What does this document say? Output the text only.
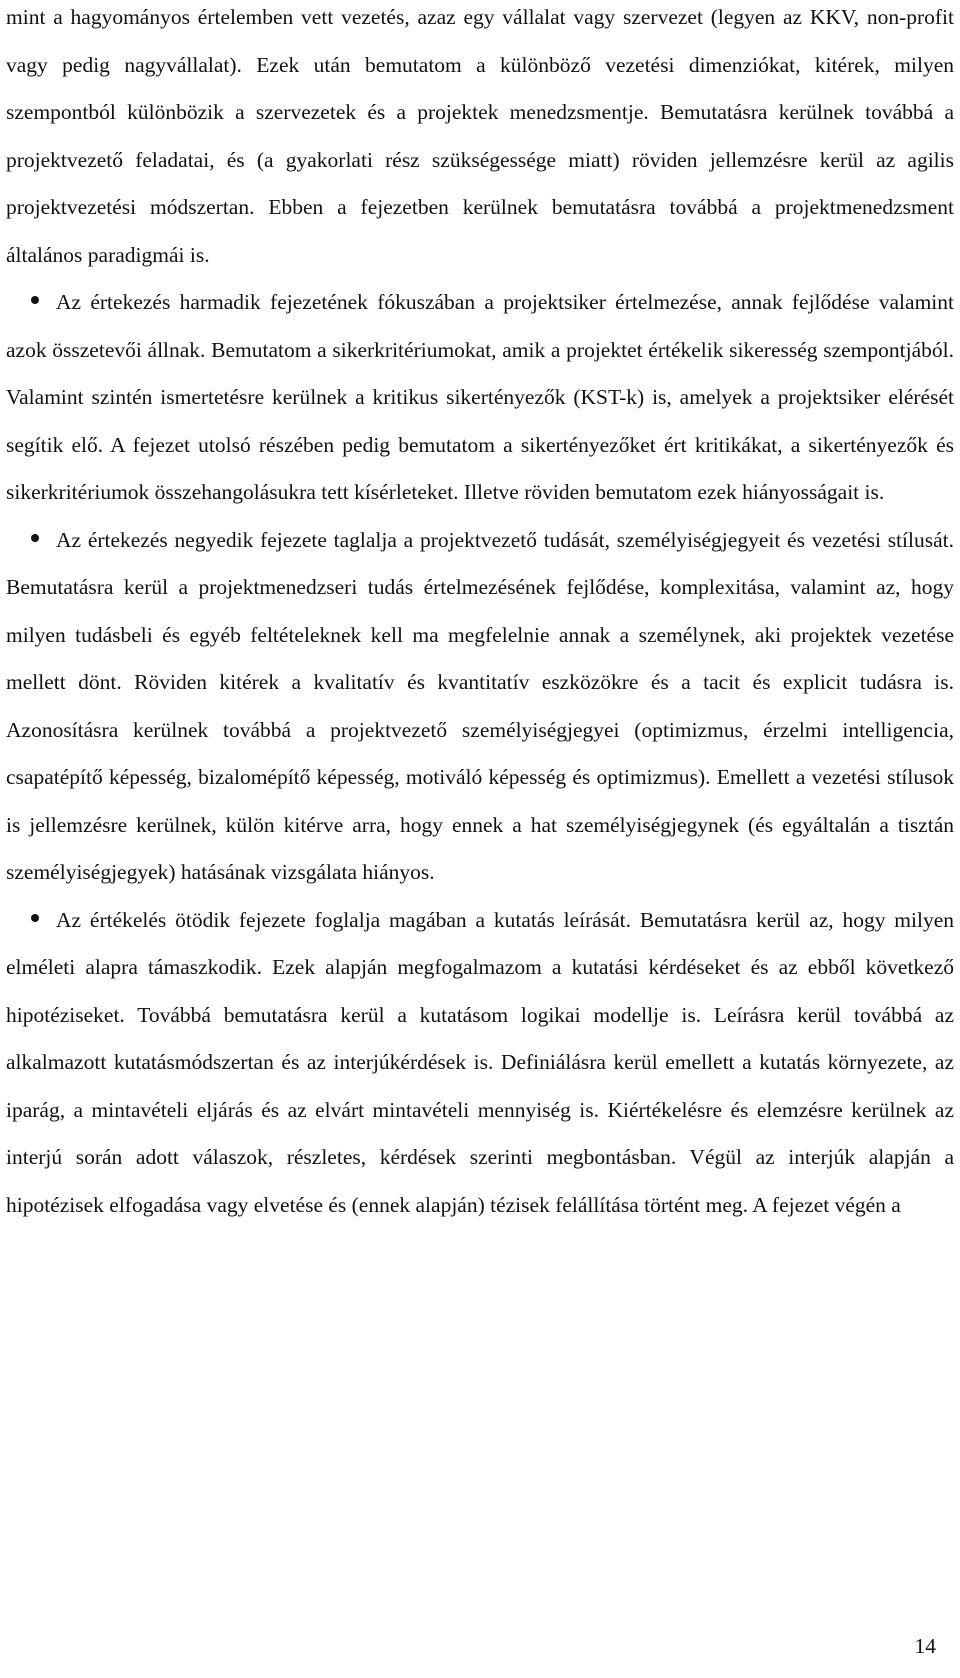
mint a hagyományos értelemben vett vezetés, azaz egy vállalat vagy szervezet (legyen az KKV, non-profit vagy pedig nagyvállalat). Ezek után bemutatom a különböző vezetési dimenziókat, kitérek, milyen szempontból különbözik a szervezetek és a projektek menedzsmentje. Bemutatásra kerülnek továbbá a projektvezető feladatai, és (a gyakorlati rész szükségessége miatt) röviden jellemzésre kerül az agilis projektvezetési módszertan. Ebben a fejezetben kerülnek bemutatásra továbbá a projektmenedzsment általános paradigmái is.

Az értekezés harmadik fejezetének fókuszában a projektsiker értelmezése, annak fejlődése valamint azok összetevői állnak. Bemutatom a sikerkritériumokat, amik a projektet értékelik sikeresség szempontjából. Valamint szintén ismertetésre kerülnek a kritikus sikertényezők (KST-k) is, amelyek a projektsiker elérését segítik elő. A fejezet utolsó részében pedig bemutatom a sikertényezőket ért kritikákat, a sikertényezők és sikerkritériumok összehangolásukra tett kísérleteket. Illetve röviden bemutatom ezek hiányosságait is.

Az értekezés negyedik fejezete taglalja a projektvezető tudását, személyiségjegyeit és vezetési stílusát. Bemutatásra kerül a projektmenedzseri tudás értelmezésének fejlődése, komplexitása, valamint az, hogy milyen tudásbeli és egyéb feltételeknek kell ma megfelelnie annak a személynek, aki projektek vezetése mellett dönt. Röviden kitérek a kvalitatív és kvantitatív eszközökre és a tacit és explicit tudásra is. Azonosításra kerülnek továbbá a projektvezető személyiségjegyei (optimizmus, érzelmi intelligencia, csapatépítő képesség, bizalomépítő képesség, motiváló képesség és optimizmus). Emellett a vezetési stílusok is jellemzésre kerülnek, külön kitérve arra, hogy ennek a hat személyiségjegynek (és egyáltalán a tisztán személyiségjegyek) hatásának vizsgálata hiányos.

Az értékelés ötödik fejezete foglalja magában a kutatás leírását. Bemutatásra kerül az, hogy milyen elméleti alapra támaszkodik. Ezek alapján megfogalmazom a kutatási kérdéseket és az ebből következő hipotéziseket. Továbbá bemutatásra kerül a kutatásom logikai modellje is. Leírásra kerül továbbá az alkalmazott kutatásmódszertan és az interjúkérdések is. Definiálásra kerül emellett a kutatás környezete, az iparág, a mintavételi eljárás és az elvárt mintavételi mennyiség is. Kiértékelésre és elemzésre kerülnek az interjú során adott válaszok, részletes, kérdések szerinti megbontásban. Végül az interjúk alapján a hipotézisek elfogadása vagy elvetése és (ennek alapján) tézisek felállítása történt meg. A fejezet végén a

14
